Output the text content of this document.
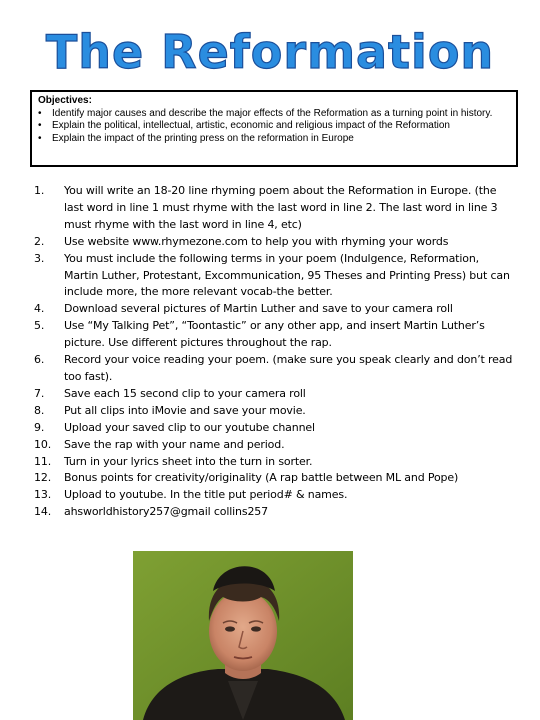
The Reformation
Objectives:
• Identify major causes and describe the major effects of the Reformation as a turning point in history.
• Explain the political, intellectual, artistic, economic and religious impact of the Reformation
• Explain the impact of the printing press on the reformation in Europe
1. You will write an 18-20 line rhyming poem about the Reformation in Europe. (the last word in line 1 must rhyme with the last word in line 2. The last word in line 3 must rhyme with the last word in line 4, etc)
2. Use website www.rhymezone.com to help you with rhyming your words
3. You must include the following terms in your poem (Indulgence, Reformation, Martin Luther, Protestant, Excommunication, 95 Theses and Printing Press) but can include more, the more relevant vocab-the better.
4. Download several pictures of Martin Luther and save to your camera roll
5. Use “My Talking Pet”, “Toontastic” or any other app, and insert Martin Luther’s picture. Use different pictures throughout the rap.
6. Record your voice reading your poem. (make sure you speak clearly and don’t read too fast).
7. Save each 15 second clip to your camera roll
8. Put all clips into iMovie and save your movie.
9. Upload your saved clip to our youtube channel
10. Save the rap with your name and period.
11. Turn in your lyrics sheet into the turn in sorter.
12. Bonus points for creativity/originality (A rap battle between ML and Pope)
13. Upload to youtube. In the title put period# & names.
14. ahsworldhistory257@gmail collins257
